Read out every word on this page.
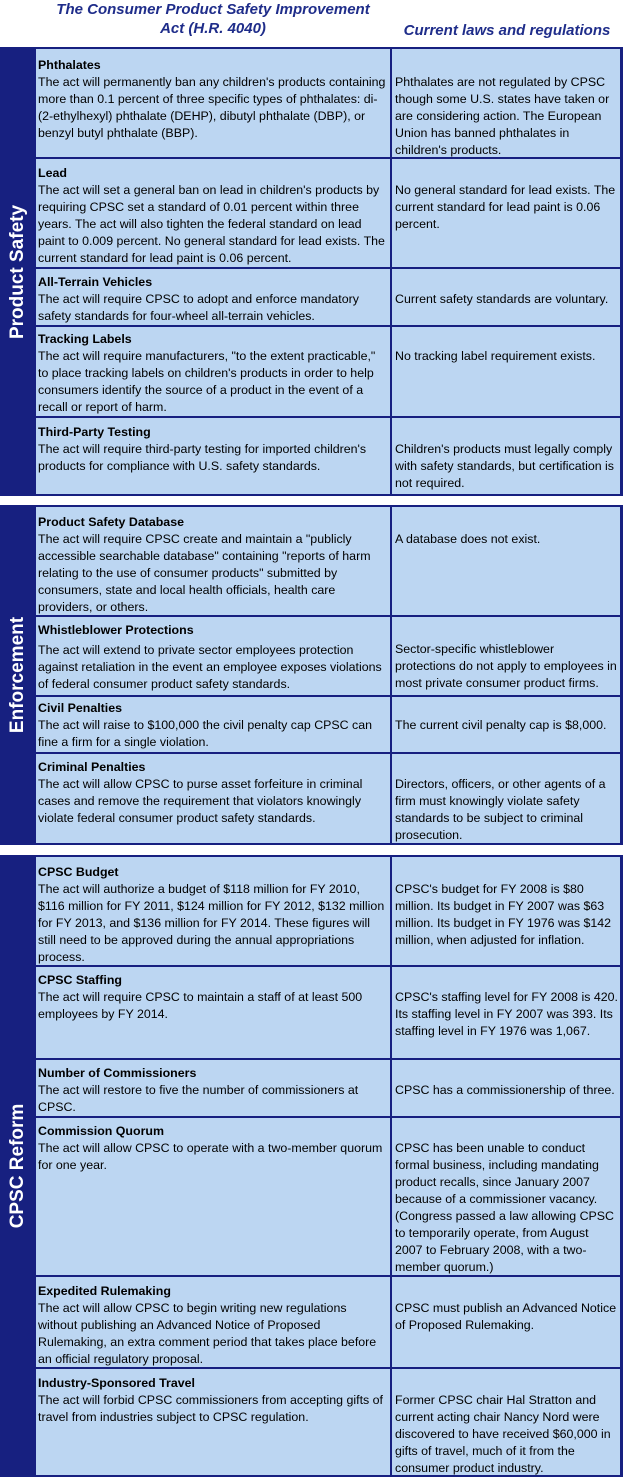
The Consumer Product Safety Improvement
Act (H.R. 4040)	Current laws and regulations
Product Safety
Phthalates
The act will permanently ban any children's products containing more than 0.1 percent of three specific types of phthalates: di-(2-ethylhexyl) phthalate (DEHP), dibutyl phthalate (DBP), or benzyl butyl phthalate (BBP).
Phthalates are not regulated by CPSC though some U.S. states have taken or are considering action. The European Union has banned phthalates in children's products.
Lead
The act will set a general ban on lead in children's products by requiring CPSC set a standard of 0.01 percent within three years. The act will also tighten the federal standard on lead paint to 0.009 percent. No general standard for lead exists. The current standard for lead paint is 0.06 percent.
No general standard for lead exists. The current standard for lead paint is 0.06 percent.
All-Terrain Vehicles
The act will require CPSC to adopt and enforce mandatory safety standards for four-wheel all-terrain vehicles.
Current safety standards are voluntary.
Tracking Labels
The act will require manufacturers, "to the extent practicable," to place tracking labels on children's products in order to help consumers identify the source of a product in the event of a recall or report of harm.
No tracking label requirement exists.
Third-Party Testing
The act will require third-party testing for imported children's products for compliance with U.S. safety standards.
Children's products must legally comply with safety standards, but certification is not required.
Enforcement
Product Safety Database
The act will require CPSC create and maintain a "publicly accessible searchable database" containing "reports of harm relating to the use of consumer products" submitted by consumers, state and local health officials, health care providers, or others.
A database does not exist.
Whistleblower Protections
The act will extend to private sector employees protection against retaliation in the event an employee exposes violations of federal consumer product safety standards.
Sector-specific whistleblower protections do not apply to employees in most private consumer product firms.
Civil Penalties
The act will raise to $100,000 the civil penalty cap CPSC can fine a firm for a single violation.
The current civil penalty cap is $8,000.
Criminal Penalties
The act will allow CPSC to purse asset forfeiture in criminal cases and remove the requirement that violators knowingly violate federal consumer product safety standards.
Directors, officers, or other agents of a firm must knowingly violate safety standards to be subject to criminal prosecution.
CPSC Reform
CPSC Budget
The act will authorize a budget of $118 million for FY 2010, $116 million for FY 2011, $124 million for FY 2012, $132 million for FY 2013, and $136 million for FY 2014. These figures will still need to be approved during the annual appropriations process.
CPSC's budget for FY 2008 is $80 million. Its budget in FY 2007 was $63 million. Its budget in FY 1976 was $142 million, when adjusted for inflation.
CPSC Staffing
The act will require CPSC to maintain a staff of at least 500 employees by FY 2014.
CPSC's staffing level for FY 2008 is 420. Its staffing level in FY 2007 was 393. Its staffing level in FY 1976 was 1,067.
Number of Commissioners
The act will restore to five the number of commissioners at CPSC.
CPSC has a commissionership of three.
Commission Quorum
The act will allow CPSC to operate with a two-member quorum for one year.
CPSC has been unable to conduct formal business, including mandating product recalls, since January 2007 because of a commissioner vacancy. (Congress passed a law allowing CPSC to temporarily operate, from August 2007 to February 2008, with a two-member quorum.)
Expedited Rulemaking
The act will allow CPSC to begin writing new regulations without publishing an Advanced Notice of Proposed Rulemaking, an extra comment period that takes place before an official regulatory proposal.
CPSC must publish an Advanced Notice of Proposed Rulemaking.
Industry-Sponsored Travel
The act will forbid CPSC commissioners from accepting gifts of travel from industries subject to CPSC regulation.
Former CPSC chair Hal Stratton and current acting chair Nancy Nord were discovered to have received $60,000 in gifts of travel, much of it from the consumer product industry.
